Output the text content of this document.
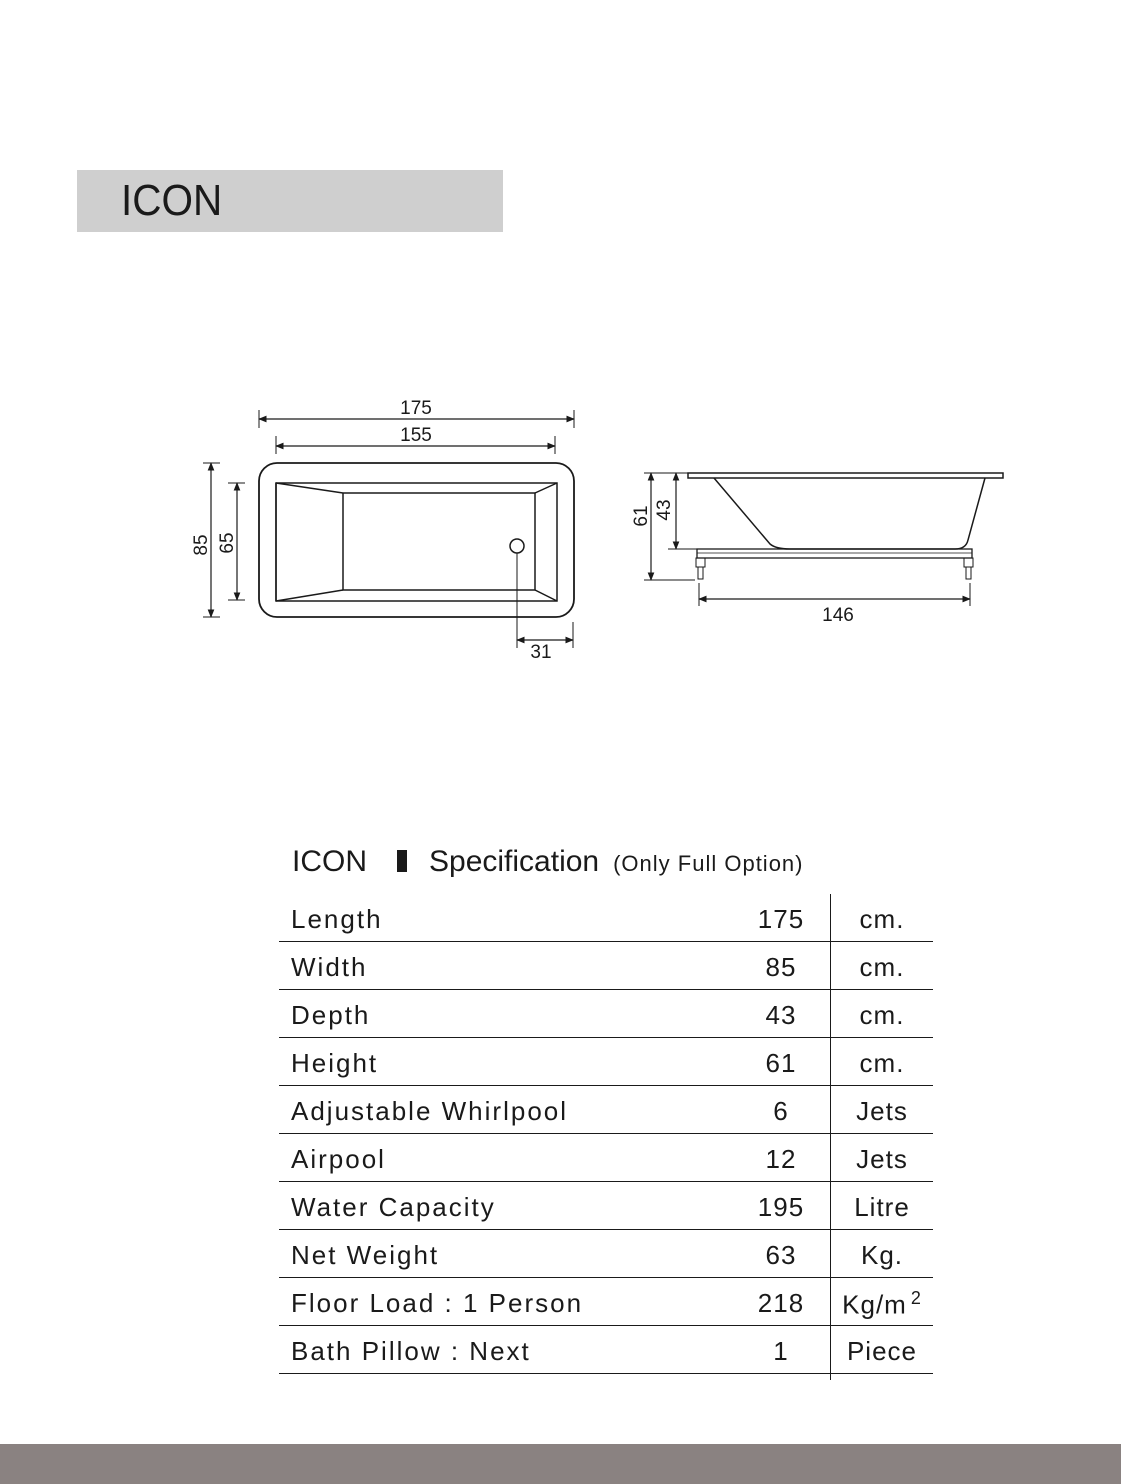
ICON
175
155
85 65
31
61 43
146
ICON Specification (Only Full Option)
Length	175	cm.
Width	85	cm.
Depth	43	cm.
Height	61	cm.
Adjustable Whirlpool	6	Jets
Airpool	12	Jets
Water Capacity	195	Litre
Net Weight	63	Kg.
Floor Load : 1 Person	218	Kg/m $^2$
Bath Pillow : Next	1	Piece
